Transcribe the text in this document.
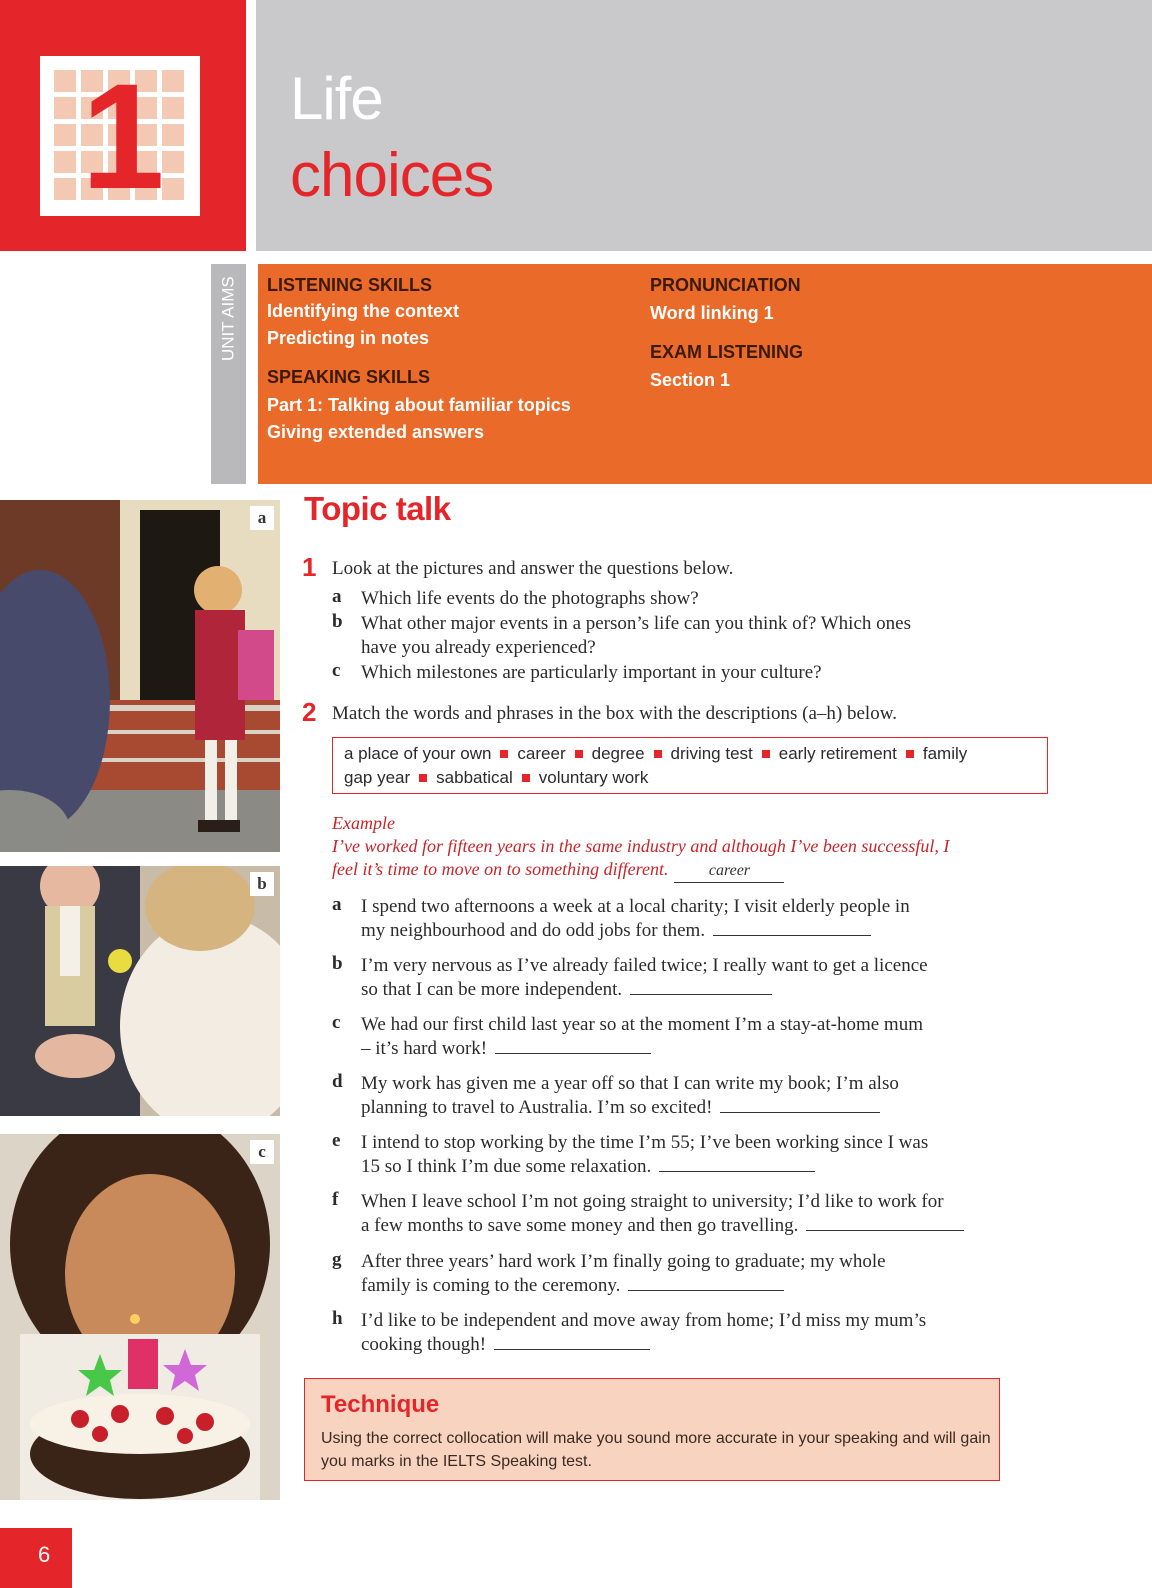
1	Life
choices
UNIT AIMS	LISTENING SKILLS
Identifying the context
Predicting in notes
SPEAKING SKILLS
Part 1: Talking about familiar topics
Giving extended answers
PRONUNCIATION
Word linking 1
EXAM LISTENING
Section 1
a
b
c
Topic talk
1 Look at the pictures and answer the questions below.
a Which life events do the photographs show?
b What other major events in a person’s life can you think of? Which ones
have you already experienced?
c Which milestones are particularly important in your culture?
2 Match the words and phrases in the box with the descriptions (a–h) below.
a place of your own career degree driving test early retirement family
gap year sabbatical voluntary work
Example
I’ve worked for fifteen years in the same industry and although I’ve been successful, I
feel it’s time to move on to something different.	career
a I spend two afternoons a week at a local charity; I visit elderly people in
my neighbourhood and do odd jobs for them.
b I’m very nervous as I’ve already failed twice; I really want to get a licence
so that I can be more independent.
c We had our first child last year so at the moment I’m a stay-at-home mum
– it’s hard work!
d My work has given me a year off so that I can write my book; I’m also
planning to travel to Australia. I’m so excited!
e I intend to stop working by the time I’m 55; I’ve been working since I was
15 so I think I’m due some relaxation.
f When I leave school I’m not going straight to university; I’d like to work for
a few months to save some money and then go travelling.
g After three years’ hard work I’m finally going to graduate; my whole
family is coming to the ceremony.
h I’d like to be independent and move away from home; I’d miss my mum’s
cooking though!
Technique
Using the correct collocation will make you sound more accurate in your speaking and will gain you marks in the IELTS Speaking test.
6
